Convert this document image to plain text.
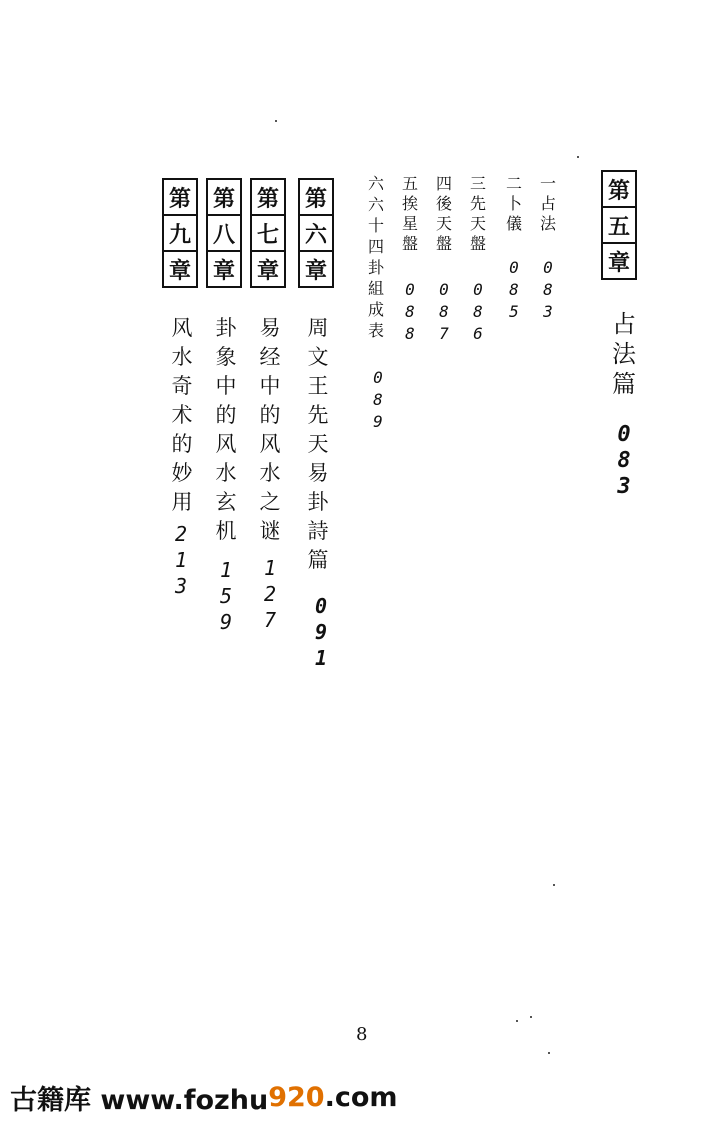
第
五
章
占
法
篇
0
8
3
一
占
法
0
8
3
二
卜
儀
0
8
5
三
先
天
盤
0
8
6
四
後
天
盤
0
8
7
五
挨
星
盤
0
8
8
六
六
十
四
卦
組
成
表
0
8
9
第
六
章
周
文
王
先
天
易
卦
詩
篇
0
9
1
第
七
章
易
经
中
的
风
水
之
谜
1
2
7
第
八
章
卦
象
中
的
风
水
玄
机
1
5
9
第
九
章
风
水
奇
术
的
妙
用
2
1
3
8
古籍库 www.fozhu 920 .com
